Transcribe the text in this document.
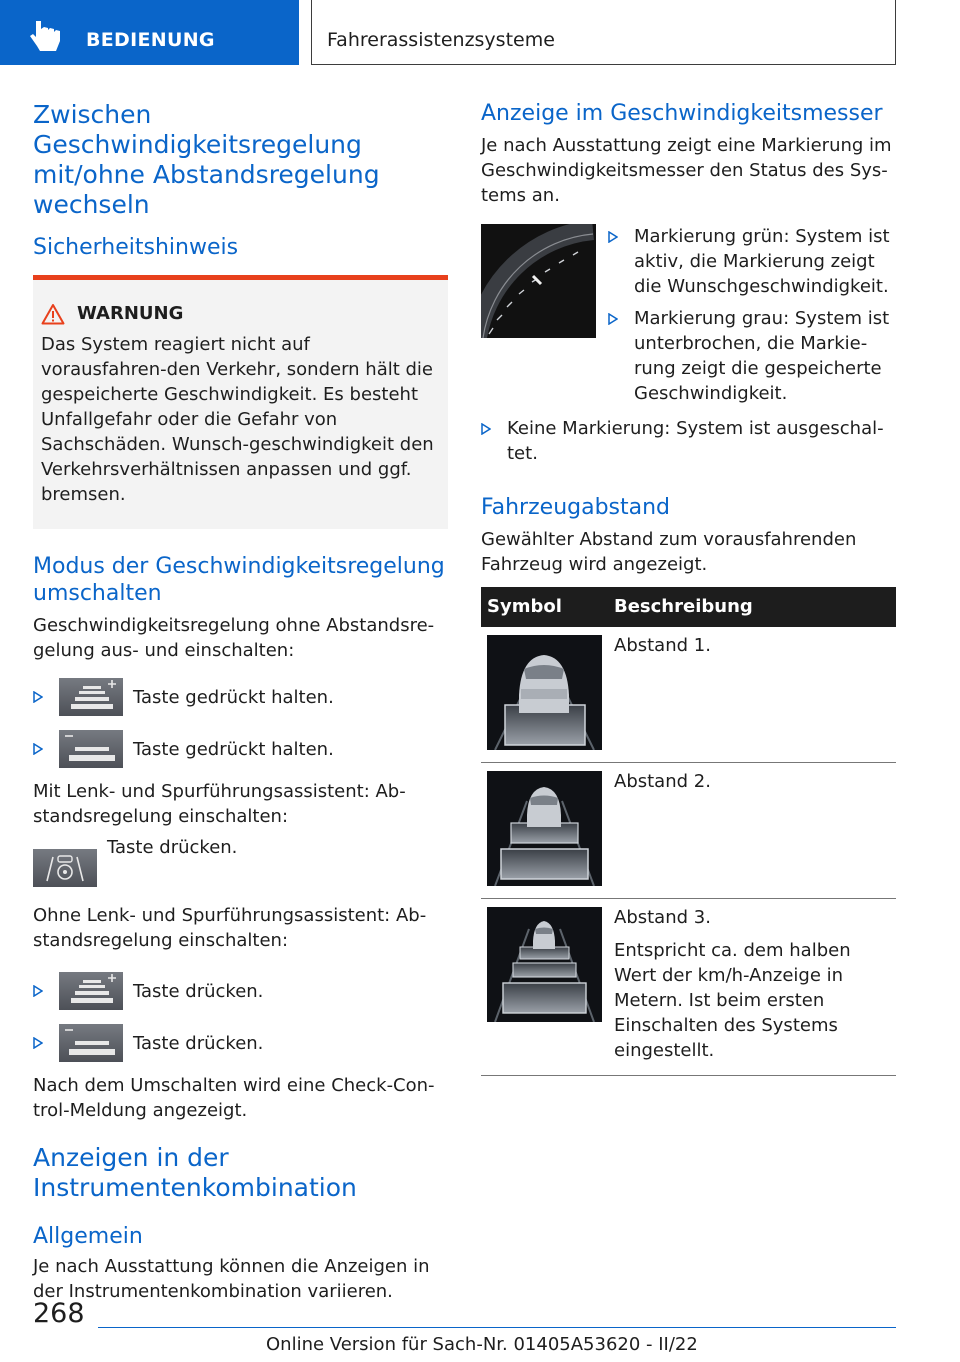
BEDIENUNG	Fahrerassistenzsysteme
Zwischen Geschwindigkeitsregelung mit/ohne Abstandsregelung wechseln
Sicherheitshinweis
WARNUNG

Das System reagiert nicht auf vorausfahren-den Verkehr, sondern hält die gespeicherte Geschwindigkeit. Es besteht Unfallgefahr oder die Gefahr von Sachschäden. Wunsch-geschwindigkeit den Verkehrsverhältnissen anpassen und ggf. bremsen.

Modus der Geschwindigkeitsregelung umschalten

Geschwindigkeitsregelung ohne Abstandsre-gelung aus- und einschalten:

Taste gedrückt halten.
Taste gedrückt halten.

Mit Lenk- und Spurführungsassistent: Ab-standsregelung einschalten:

Taste drücken.

Ohne Lenk- und Spurführungsassistent: Ab-standsregelung einschalten:

Taste drücken.
Taste drücken.

Nach dem Umschalten wird eine Check-Con-trol-Meldung angezeigt.

Anzeigen in der Instrumentenkombination
Allgemein

Je nach Ausstattung können die Anzeigen in der Instrumentenkombination variieren.

Anzeige im Geschwindigkeitsmesser

Je nach Ausstattung zeigt eine Markierung im Geschwindigkeitsmesser den Status des Sys-tems an.

Markierung grün: System ist aktiv, die Markierung zeigt die Wunschgeschwindigkeit.
Markierung grau: System ist unterbrochen, die Markie-rung zeigt die gespeicherte Geschwindigkeit.
Keine Markierung: System ist ausgeschal-tet.
Fahrzeugabstand

Gewählter Abstand zum vorausfahrenden Fahrzeug wird angezeigt.

Symbol	Beschreibung

	Abstand 1.

	Abstand 2.

Abstand 3.

Entspricht ca. dem halben Wert der km/h-Anzeige in Metern. Ist beim ersten Einschalten des Systems eingestellt.

268
Online Version für Sach-Nr. 01405A53620 - II/22
